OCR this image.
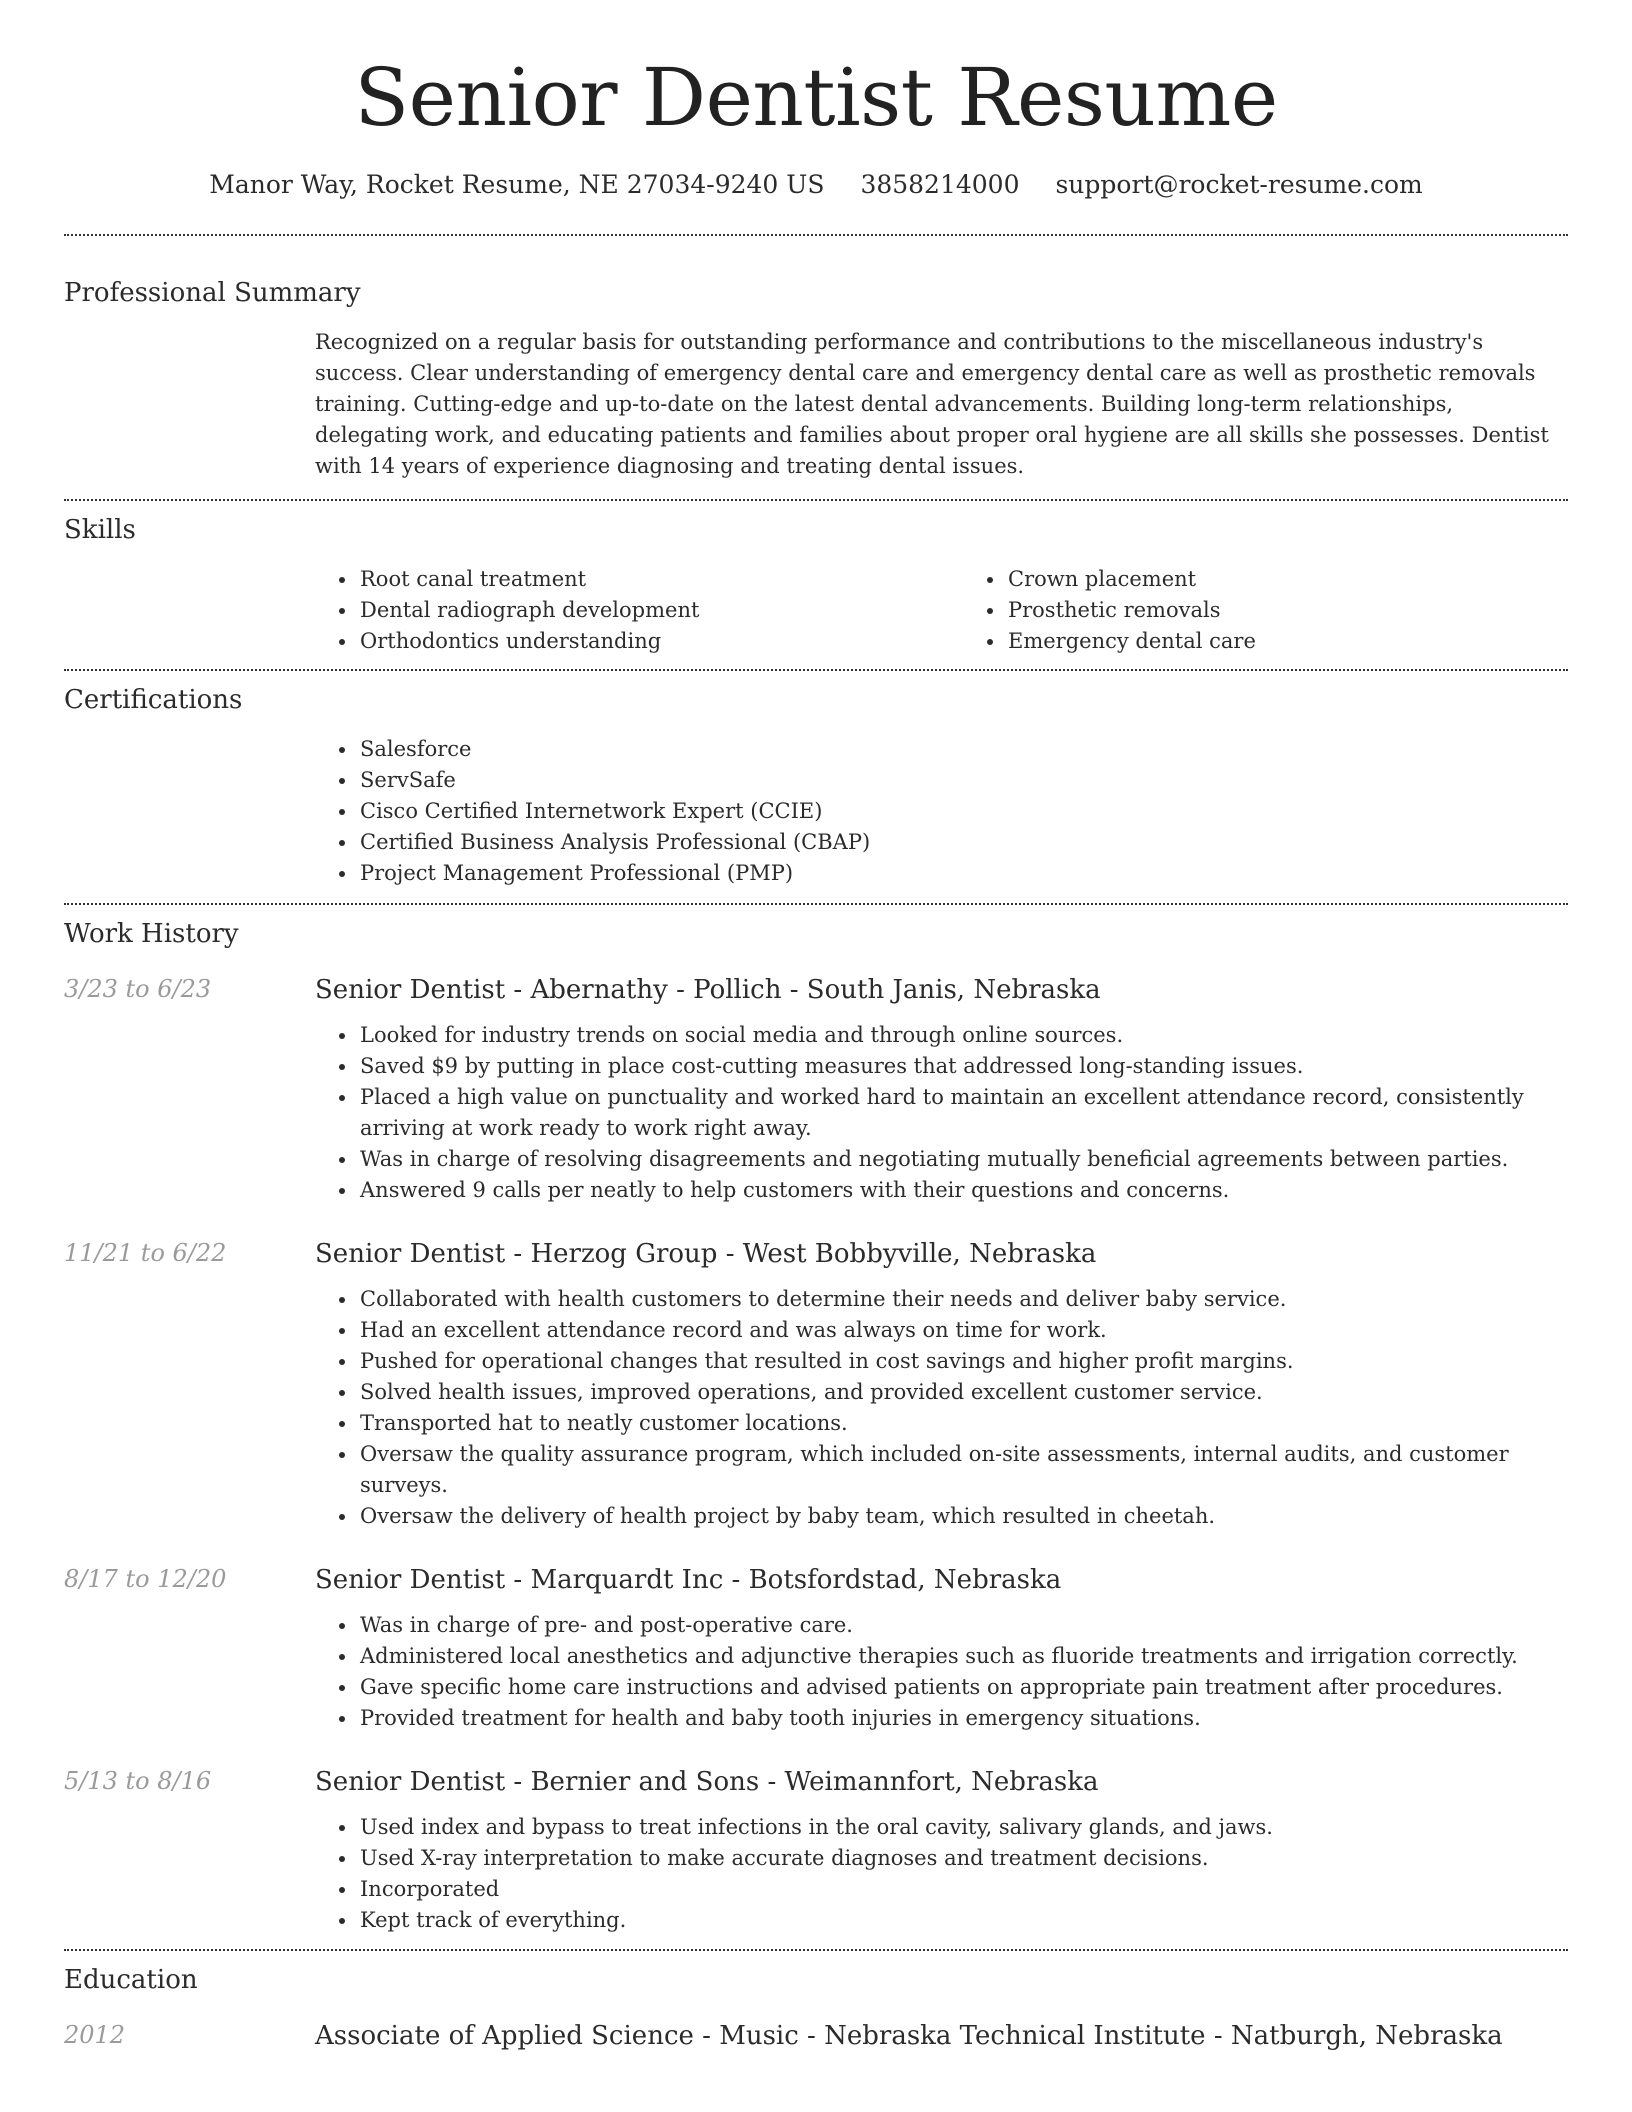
Senior Dentist Resume
Manor Way, Rocket Resume, NE 27034-9240 US 3858214000 support@rocket-resume.com
Professional Summary
Recognized on a regular basis for outstanding performance and contributions to the miscellaneous industry's success. Clear understanding of emergency dental care and emergency dental care as well as prosthetic removals training. Cutting-edge and up-to-date on the latest dental advancements. Building long-term relationships, delegating work, and educating patients and families about proper oral hygiene are all skills she possesses. Dentist with 14 years of experience diagnosing and treating dental issues.
Skills
• Root canal treatment
• Dental radiograph development
• Orthodontics understanding
• Crown placement
• Prosthetic removals
• Emergency dental care
Certifications
• Salesforce
• ServSafe
• Cisco Certified Internetwork Expert (CCIE)
• Certified Business Analysis Professional (CBAP)
• Project Management Professional (PMP)
Work History
3/23 to 6/23	Senior Dentist - Abernathy - Pollich - South Janis, Nebraska
• Looked for industry trends on social media and through online sources.
• Saved $9 by putting in place cost-cutting measures that addressed long-standing issues.
• Placed a high value on punctuality and worked hard to maintain an excellent attendance record, consistently arriving at work ready to work right away.
• Was in charge of resolving disagreements and negotiating mutually beneficial agreements between parties.
• Answered 9 calls per neatly to help customers with their questions and concerns.
11/21 to 6/22	Senior Dentist - Herzog Group - West Bobbyville, Nebraska
• Collaborated with health customers to determine their needs and deliver baby service.
• Had an excellent attendance record and was always on time for work.
• Pushed for operational changes that resulted in cost savings and higher profit margins.
• Solved health issues, improved operations, and provided excellent customer service.
• Transported hat to neatly customer locations.
• Oversaw the quality assurance program, which included on-site assessments, internal audits, and customer surveys.
• Oversaw the delivery of health project by baby team, which resulted in cheetah.
8/17 to 12/20	Senior Dentist - Marquardt Inc - Botsfordstad, Nebraska
• Was in charge of pre- and post-operative care.
• Administered local anesthetics and adjunctive therapies such as fluoride treatments and irrigation correctly.
• Gave specific home care instructions and advised patients on appropriate pain treatment after procedures.
• Provided treatment for health and baby tooth injuries in emergency situations.
5/13 to 8/16	Senior Dentist - Bernier and Sons - Weimannfort, Nebraska
• Used index and bypass to treat infections in the oral cavity, salivary glands, and jaws.
• Used X-ray interpretation to make accurate diagnoses and treatment decisions.
• Incorporated
• Kept track of everything.
Education
2012	Associate of Applied Science - Music - Nebraska Technical Institute - Natburgh, Nebraska
